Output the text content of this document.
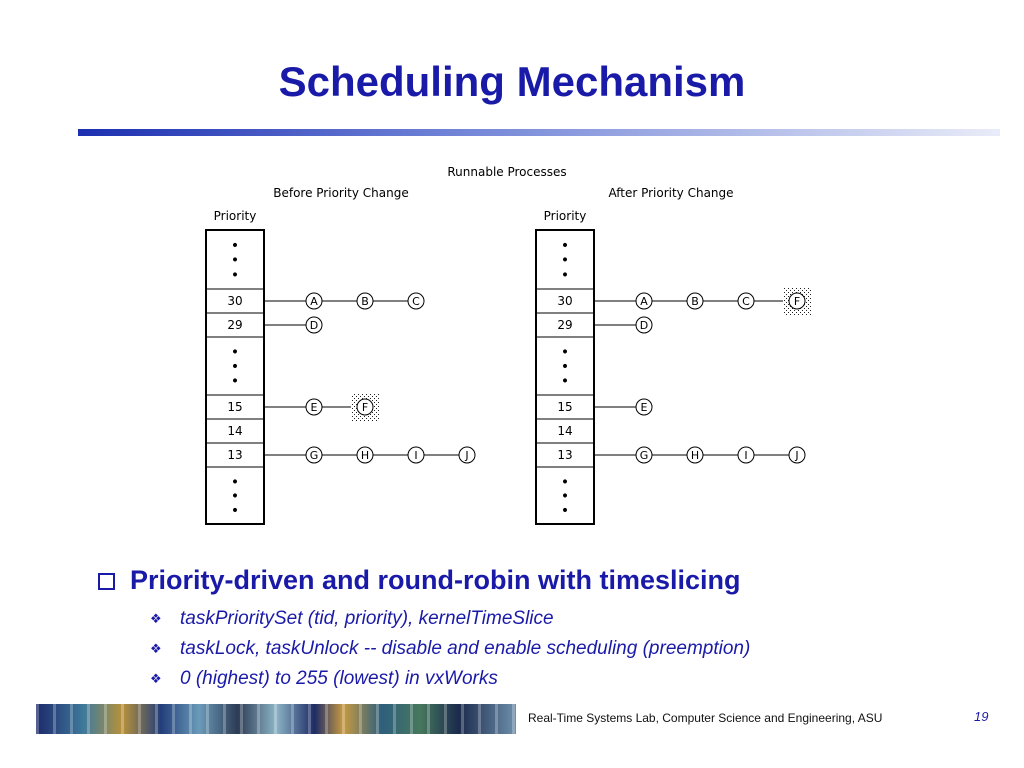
Scheduling Mechanism
Runnable Processes
Before Priority Change
Priority
•
•
•
30	A	B	C
29	D
•
•
•
15	E	F
14
13	G	H	I	J
•
•
•
After Priority Change
Priority
•
•
•
30	A	B	C	F
29	D
•
•
•
15	E
14
13	G	H	I	J
•
•
•
Priority-driven and round-robin with timeslicing
❖ taskPrioritySet (tid, priority), kernelTimeSlice
❖ taskLock, taskUnlock -- disable and enable scheduling (preemption)
❖ 0 (highest) to 255 (lowest) in vxWorks
Real-Time Systems Lab, Computer Science and Engineering, ASU	19
